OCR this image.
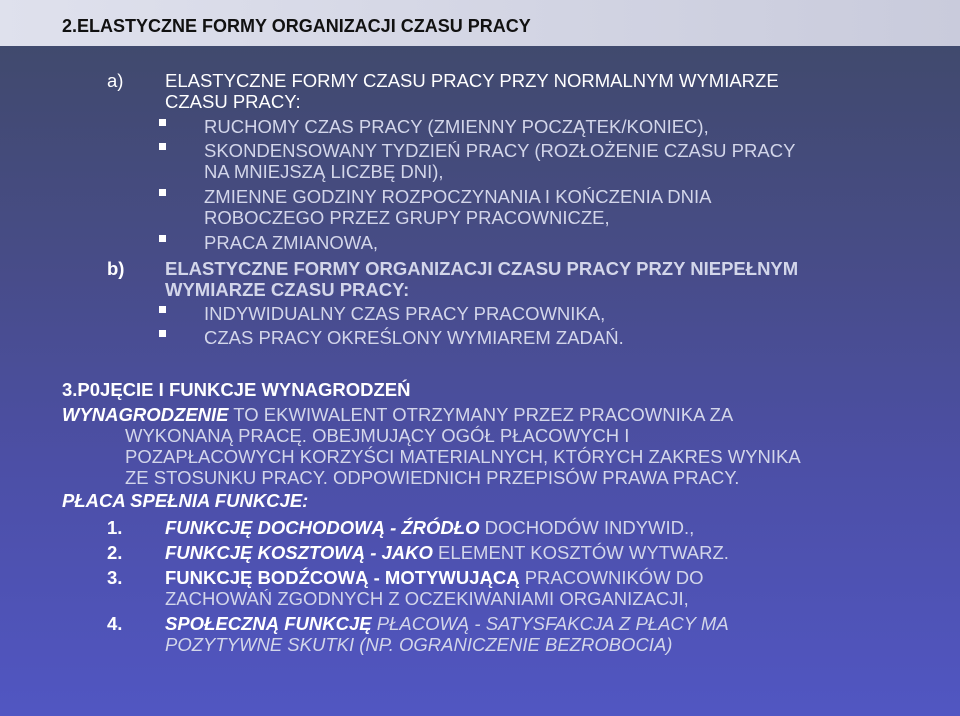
2.ELASTYCZNE FORMY ORGANIZACJI CZASU PRACY
a) ELASTYCZNE FORMY CZASU PRACY PRZY NORMALNYM WYMIARZE
CZASU PRACY:
RUCHOMY CZAS PRACY (ZMIENNY POCZĄTEK/KONIEC),
SKONDENSOWANY TYDZIEŃ PRACY (ROZŁOŻENIE CZASU PRACY
NA MNIEJSZĄ LICZBĘ DNI),
ZMIENNE GODZINY ROZPOCZYNANIA I KOŃCZENIA DNIA
ROBOCZEGO PRZEZ GRUPY PRACOWNICZE,
PRACA ZMIANOWA,
b) ELASTYCZNE FORMY ORGANIZACJI CZASU PRACY PRZY NIEPEŁNYM
WYMIARZE CZASU PRACY:
INDYWIDUALNY CZAS PRACY PRACOWNIKA,
CZAS PRACY OKREŚLONY WYMIAREM ZADAŃ.
3.P0JĘCIE I FUNKCJE WYNAGRODZEŃ
WYNAGRODZENIE TO EKWIWALENT OTRZYMANY PRZEZ PRACOWNIKA ZA
WYKONANĄ PRACĘ. OBEJMUJĄCY OGÓŁ PŁACOWYCH I
POZAPŁACOWYCH KORZYŚCI MATERIALNYCH, KTÓRYCH ZAKRES WYNIKA
ZE STOSUNKU PRACY. ODPOWIEDNICH PRZEPISÓW PRAWA PRACY.
PŁACA SPEŁNIA FUNKCJE:
1. FUNKCJĘ DOCHODOWĄ - ŹRÓDŁO DOCHODÓW INDYWID.,
2. FUNKCJĘ KOSZTOWĄ - JAKO ELEMENT KOSZTÓW WYTWARZ.
3. FUNKCJĘ BODŹCOWĄ - MOTYWUJĄCĄ PRACOWNIKÓW DO
ZACHOWAŃ ZGODNYCH Z OCZEKIWANIAMI ORGANIZACJI,
4. SPOŁECZNĄ FUNKCJĘ PŁACOWĄ - SATYSFAKCJA Z PŁACY MA
POZYTYWNE SKUTKI (NP. OGRANICZENIE BEZROBOCIA)
